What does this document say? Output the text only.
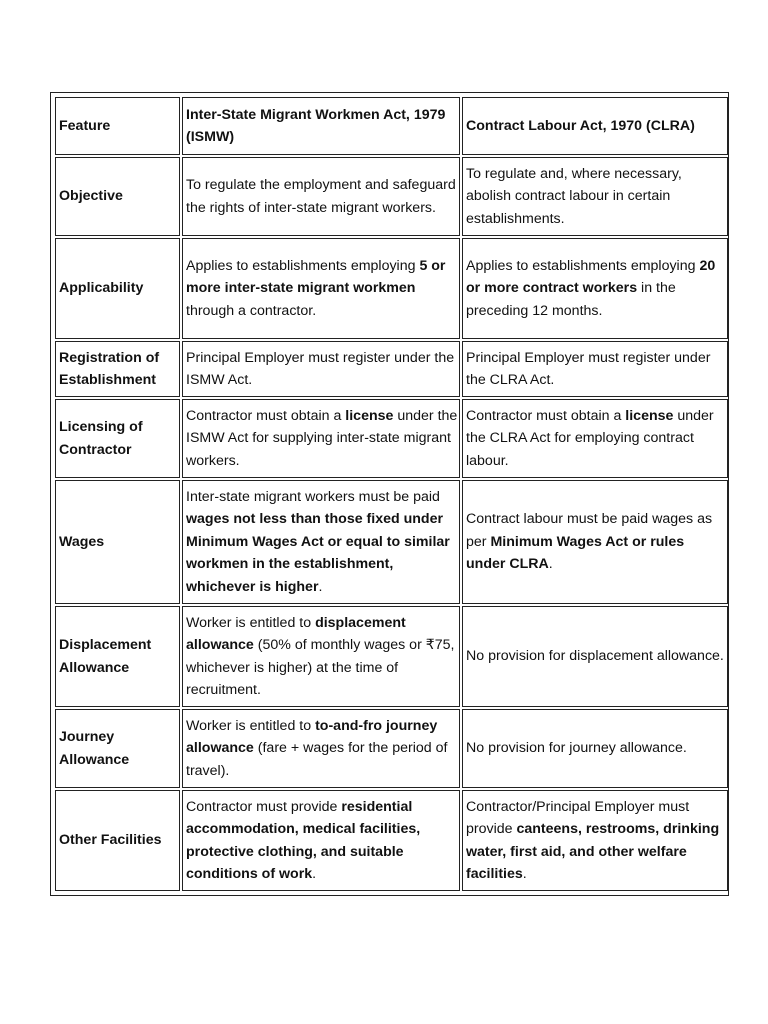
Feature	Inter-State Migrant Workmen Act, 1979 (ISMW)	Contract Labour Act, 1970 (CLRA)
Objective	To regulate the employment and safeguard the rights of inter-state migrant workers.	To regulate and, where necessary, abolish contract labour in certain establishments.
Applicability	Applies to establishments employing 5 or more inter-state migrant workmen through a contractor.	Applies to establishments employing 20 or more contract workers in the preceding 12 months.
Registration of Establishment	Principal Employer must register under the ISMW Act.	Principal Employer must register under the CLRA Act.
Licensing of Contractor	Contractor must obtain a license under the ISMW Act for supplying inter-state migrant workers.	Contractor must obtain a license under the CLRA Act for employing contract labour.
Wages	Inter-state migrant workers must be paid wages not less than those fixed under Minimum Wages Act or equal to similar workmen in the establishment, whichever is higher.	Contract labour must be paid wages as per Minimum Wages Act or rules under CLRA.
Displacement Allowance	Worker is entitled to displacement allowance (50% of monthly wages or ₹75, whichever is higher) at the time of recruitment.	No provision for displacement allowance.
Journey Allowance	Worker is entitled to to-and-fro journey allowance (fare + wages for the period of travel).	No provision for journey allowance.
Other Facilities	Contractor must provide residential accommodation, medical facilities, protective clothing, and suitable conditions of work.	Contractor/Principal Employer must provide canteens, restrooms, drinking water, first aid, and other welfare facilities.
